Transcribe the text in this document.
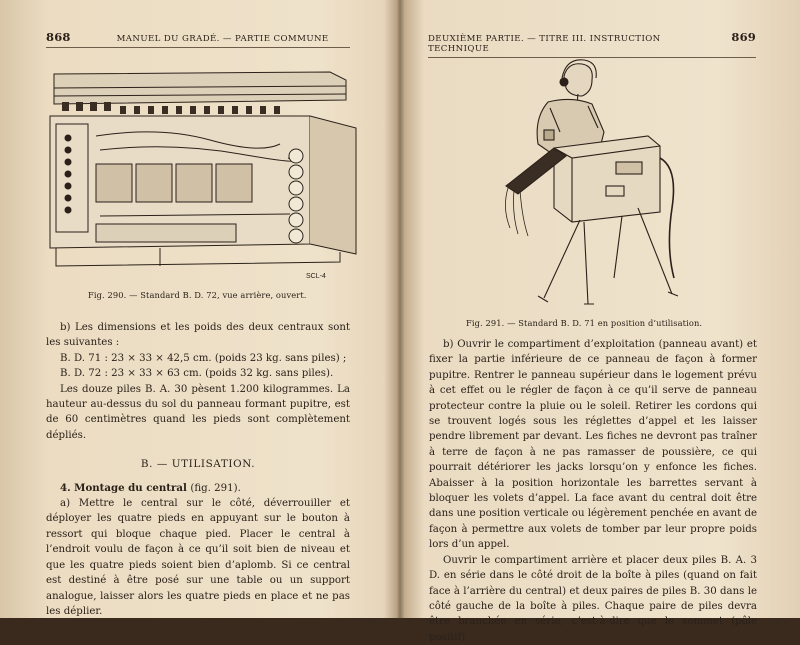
868	MANUEL DU GRADÉ. — PARTIE COMMUNE
SCL-4
Fig. 290. — Standard B. D. 72, vue arrière, ouvert.

b) Les dimensions et les poids des deux centraux sont les suivantes :

B. D. 71 : 23 ⨯ 33 ⨯ 42,5 cm. (poids 23 kg. sans piles) ;

B. D. 72 : 23 ⨯ 33 ⨯ 63 cm. (poids 32 kg. sans piles).

Les douze piles B. A. 30 pèsent 1.200 kilogrammes. La hauteur au-dessus du sol du panneau formant pupitre, est de 60 centimètres quand les pieds sont complètement dépliés.

B. — UTILISATION.

4. Montage du central (fig. 291).

a) Mettre le central sur le côté, déverrouiller et déployer les quatre pieds en appuyant sur le bouton à ressort qui bloque chaque pied. Placer le central à l’endroit voulu de façon à ce qu’il soit bien de niveau et que les quatre pieds soient bien d’aplomb. Si ce central est destiné à être posé sur une table ou un support analogue, laisser alors les quatre pieds en place et ne pas les déplier.

DEUXIÈME PARTIE. — TITRE III. INSTRUCTION TECHNIQUE
869
Fig. 291. — Standard B. D. 71 en position d’utilisation.

b) Ouvrir le compartiment d’exploitation (panneau avant) et fixer la partie inférieure de ce panneau de façon à former pupitre. Rentrer le panneau supérieur dans le logement prévu à cet effet ou le régler de façon à ce qu’il serve de panneau protecteur contre la pluie ou le soleil. Retirer les cordons qui se trouvent logés sous les réglettes d’appel et les laisser pendre librement par devant. Les fiches ne devront pas traîner à terre de façon à ne pas ramasser de poussière, ce qui pourrait détériorer les jacks lorsqu’on y enfonce les fiches. Abaisser à la position horizontale les barrettes servant à bloquer les volets d’appel. La face avant du central doit être dans une position verticale ou légèrement penchée en avant de façon à permettre aux volets de tomber par leur propre poids lors d’un appel.

Ouvrir le compartiment arrière et placer deux piles B. A. 3 D. en série dans le côté droit de la boîte à piles (quand on fait face à l’arrière du central) et deux paires de piles B. 30 dans le côté gauche de la boîte à piles. Chaque paire de piles devra être branchée en série, c’est-à-dire que le sommet (pôle positif)
